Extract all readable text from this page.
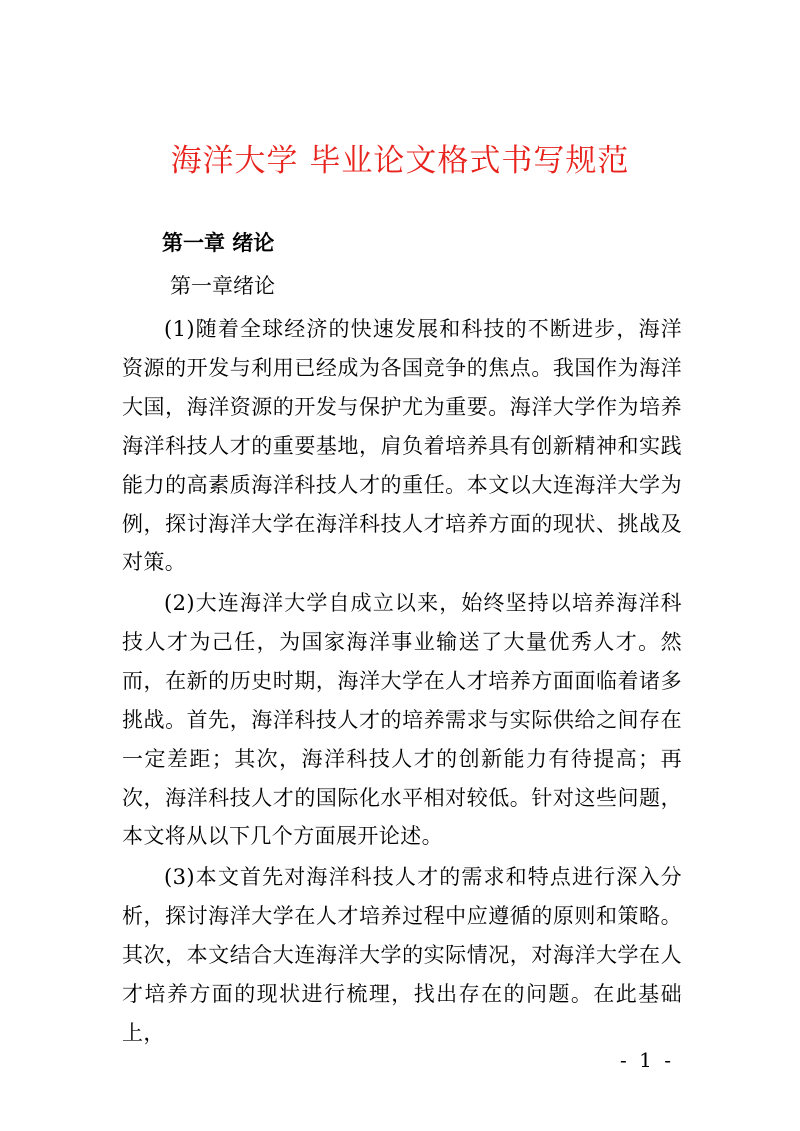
海洋大学 毕业论文格式书写规范
第一章 绪论
第一章绪论

(1)随着全球经济的快速发展和科技的不断进步，海洋资源的开发与利用已经成为各国竞争的焦点。我国作为海洋大国，海洋资源的开发与保护尤为重要。海洋大学作为培养海洋科技人才的重要基地，肩负着培养具有创新精神和实践能力的高素质海洋科技人才的重任。本文以大连海洋大学为例，探讨海洋大学在海洋科技人才培养方面的现状、挑战及对策。

(2)大连海洋大学自成立以来，始终坚持以培养海洋科技人才为己任，为国家海洋事业输送了大量优秀人才。然而，在新的历史时期，海洋大学在人才培养方面面临着诸多挑战。首先，海洋科技人才的培养需求与实际供给之间存在一定差距；其次，海洋科技人才的创新能力有待提高；再次，海洋科技人才的国际化水平相对较低。针对这些问题，本文将从以下几个方面展开论述。

(3)本文首先对海洋科技人才的需求和特点进行深入分析，探讨海洋大学在人才培养过程中应遵循的原则和策略。其次，本文结合大连海洋大学的实际情况，对海洋大学在人才培养方面的现状进行梳理，找出存在的问题。在此基础上，

- 1 -
